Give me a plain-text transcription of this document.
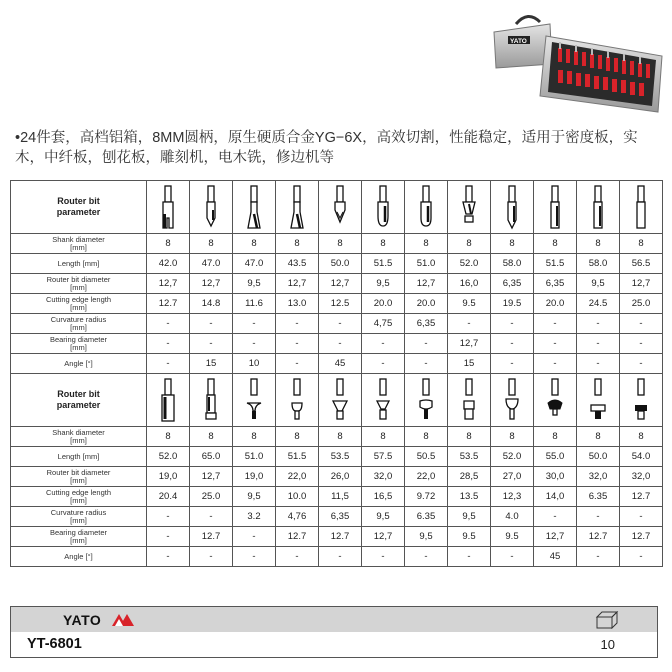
YATO
•24件套，高档铝箱，8MM圆柄，原生硬质合金YG−6X，高效切割，性能稳定，适用于密度板，实木，中纤板，刨花板，雕刻机，电木铣，修边机等
Router bit
parameter	

Shank diameter
[mm]	8	8	8	8	8	8	8	8	8	8	8	8
Length [mm]	42.0	47.0	47.0	43.5	50.0	51.5	51.0	52.0	58.0	51.5	58.0	56.5
Router bit diameter
[mm]	12,7	12,7	9,5	12,7	12,7	9,5	12,7	16,0	6,35	6,35	9,5	12,7
Cutting edge length
[mm]	12.7	14.8	11.6	13.0	12.5	20.0	20.0	9.5	19.5	20.0	24.5	25.0
Curvature radius
[mm]	-	-	-	-	-	4,75	6,35	-	-	-	-	-
Bearing diameter
[mm]	-	-	-	-	-	-	-	12,7	-	-	-	-
Angle [°]	-	15	10	-	45	-	-	15	-	-	-	-
Router bit
parameter	

Shank diameter
[mm]	8	8	8	8	8	8	8	8	8	8	8	8
Length [mm]	52.0	65.0	51.0	51.5	53.5	57.5	50.5	53.5	52.0	55.0	50.0	54.0
Router bit diameter
[mm]	19,0	12,7	19,0	22,0	26,0	32,0	22,0	28,5	27,0	30,0	32,0	32,0
Cutting edge length
[mm]	20.4	25.0	9,5	10.0	11,5	16,5	9.72	13.5	12,3	14,0	6.35	12.7
Curvature radius
[mm]	-	-	3.2	4,76	6,35	9,5	6.35	9,5	4.0	-	-	-
Bearing diameter
[mm]	-	12.7	-	12.7	12.7	12,7	9,5	9.5	9.5	12,7	12.7	12.7
Angle [°]	-	-	-	-	-	-	-	-	-	45	-	-
YATO
YT-6801	10
